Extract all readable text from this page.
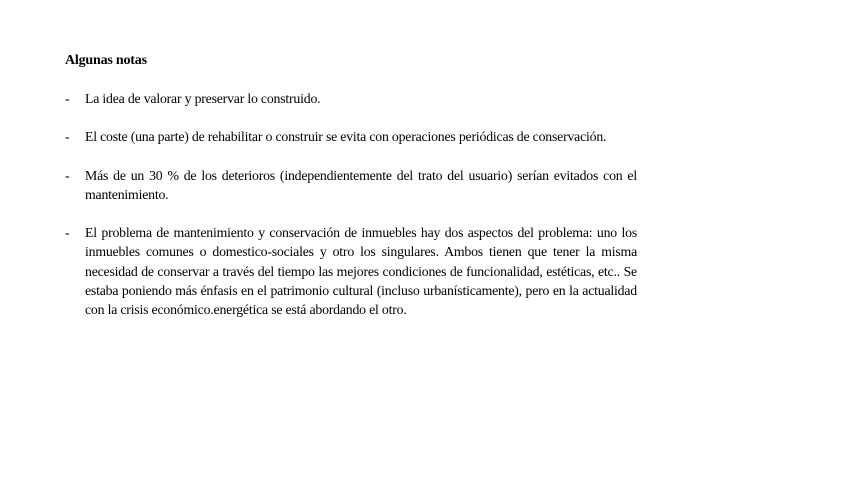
Algunas notas
-	La idea de valorar y preservar lo construido.
-	El coste (una parte) de rehabilitar o construir se evita con operaciones periódicas de conservación.
-	Más de un 30 % de los deterioros (independientemente del trato del usuario) serían evitados con el mantenimiento.
-	El problema de mantenimiento y conservación de inmuebles hay dos aspectos del problema: uno los inmuebles comunes o domestico-sociales y otro los singulares. Ambos tienen que tener la misma necesidad de conservar a través del tiempo las mejores condiciones de funcionalidad, estéticas, etc.. Se estaba poniendo más énfasis en el patrimonio cultural (incluso urbanísticamente), pero en la actualidad con la crisis económico.energética se está abordando el otro.
